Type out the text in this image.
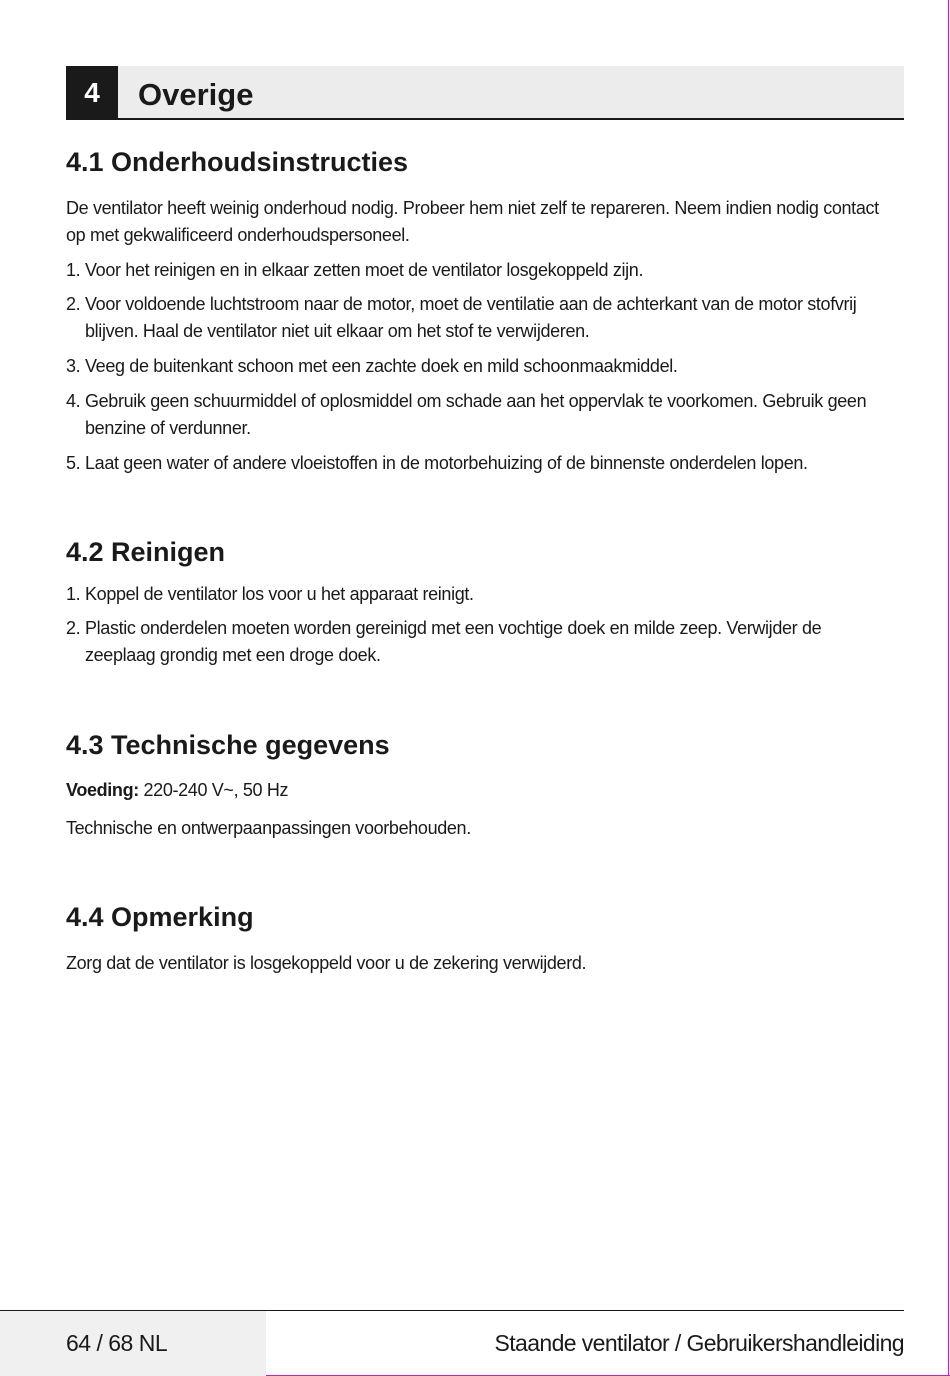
4	Overige
4.1 Onderhoudsinstructies
De ventilator heeft weinig onderhoud nodig. Probeer hem niet zelf te repareren. Neem indien nodig contact op met gekwalificeerd onderhoudspersoneel.
1. Voor het reinigen en in elkaar zetten moet de ventilator losgekoppeld zijn.
2. Voor voldoende luchtstroom naar de motor, moet de ventilatie aan de achterkant van de motor stofvrij blijven. Haal de ventilator niet uit elkaar om het stof te verwijderen.
3. Veeg de buitenkant schoon met een zachte doek en mild schoonmaakmiddel.
4. Gebruik geen schuurmiddel of oplosmiddel om schade aan het oppervlak te voorkomen. Gebruik geen benzine of verdunner.
5. Laat geen water of andere vloeistoffen in de motorbehuizing of de binnenste onderdelen lopen.
4.2 Reinigen
1. Koppel de ventilator los voor u het apparaat reinigt.
2. Plastic onderdelen moeten worden gereinigd met een vochtige doek en milde zeep. Verwijder de zeeplaag grondig met een droge doek.
4.3 Technische gegevens
Voeding: 220-240 V~, 50 Hz
Technische en ontwerpaanpassingen voorbehouden.
4.4 Opmerking
Zorg dat de ventilator is losgekoppeld voor u de zekering verwijderd.
64 / 68 NL	Staande ventilator / Gebruikershandleiding
